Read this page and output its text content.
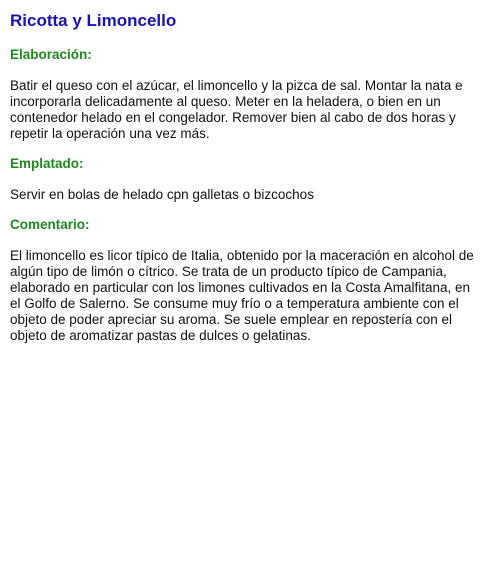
Ricotta y Limoncello
Elaboración:

Batir el queso con el azúcar, el limoncello y la pizca de sal. Montar la nata e incorporarla delicadamente al queso. Meter en la heladera, o bien en un contenedor helado en el congelador. Remover bien al cabo de dos horas y repetir la operación una vez más.

Emplatado:

Servir en bolas de helado cpn galletas o bizcochos

Comentario:

El limoncello es licor típico de Italia, obtenido por la maceración en alcohol de algún tipo de limón o cítrico. Se trata de un producto típico de Campania, elaborado en particular con los limones cultivados en la Costa Amalfitana, en el Golfo de Salerno. Se consume muy frío o a temperatura ambiente con el objeto de poder apreciar su aroma. Se suele emplear en repostería con el objeto de aromatizar pastas de dulces o gelatinas.
